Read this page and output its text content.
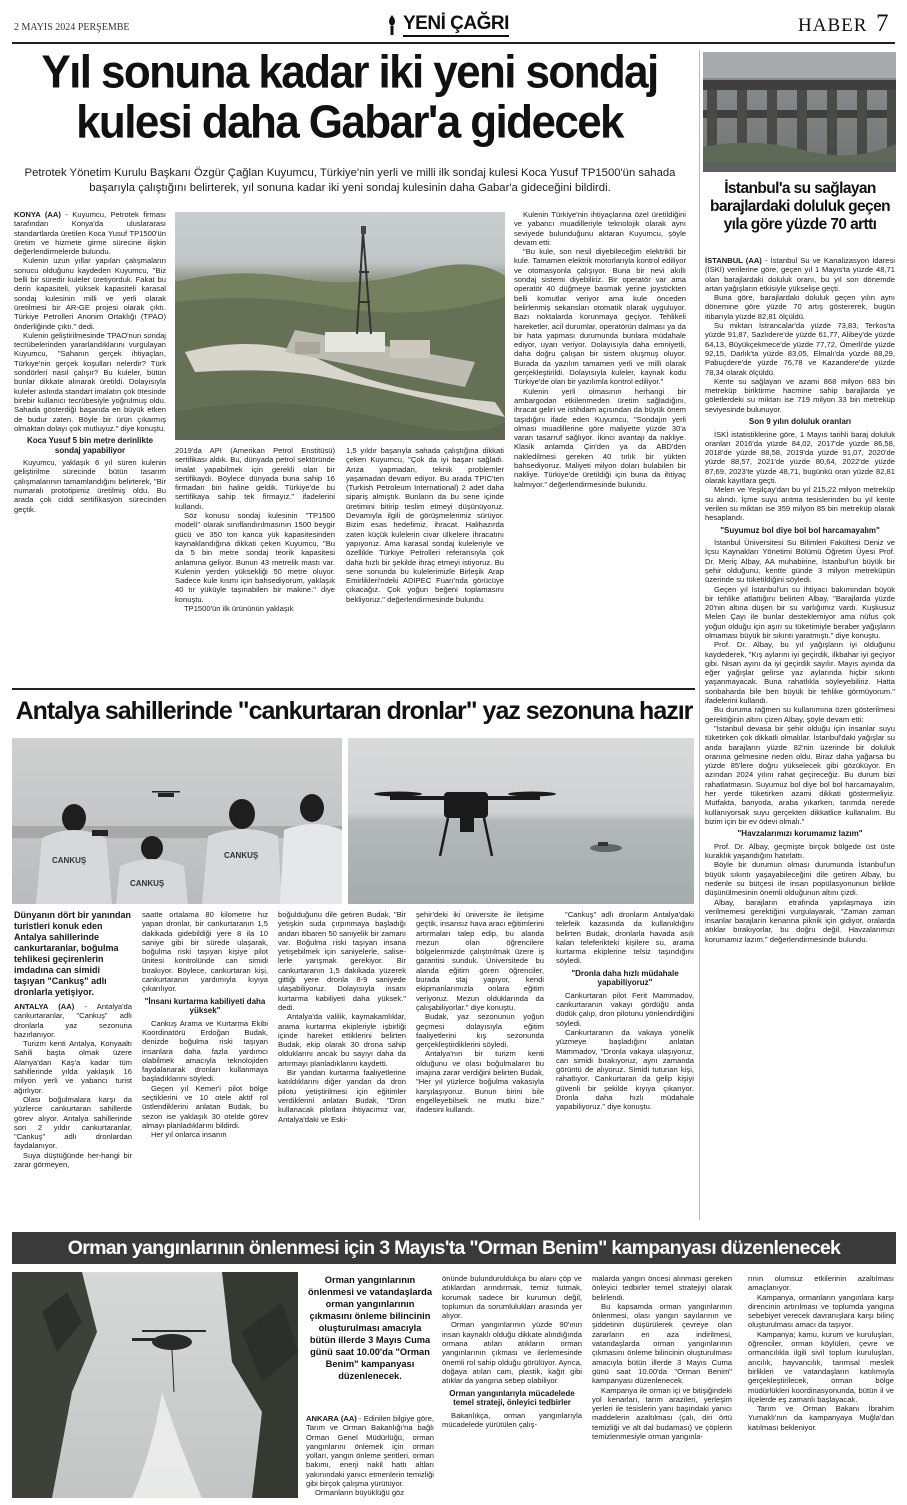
2 MAYIS 2024 PERŞEMBE	YENİ ÇAĞRI	HABER 7
Yıl sonuna kadar iki yeni sondaj
kulesi daha Gabar'a gidecek
Petrotek Yönetim Kurulu Başkanı Özgür Çağlan Kuyumcu, Türkiye'nin yerli ve milli ilk sondaj kulesi Koca Yusuf TP1500'ün sahada başarıyla çalıştığını belirterek, yıl sonuna kadar iki yeni sondaj kulesinin daha Gabar'a gideceğini bildirdi.

KONYA (AA) - Kuyumcu, Petrotek firması tarafından Konya'da uluslararası standartlarda üretilen Koca Yusuf TP1500'ün üretim ve hizmete girme sürecine ilişkin değerlendirmelerde bulundu.

Kulenin uzun yıllar yapılan çalışmaların sonucu olduğunu kaydeden Kuyumcu, "Biz belli bir süredir kuleler üretiyorduk. Fakat bu derin kapasiteli, yüksek kapasiteli karasal sondaj kulesinin milli ve yerli olarak üretilmesi bir AR-GE projesi olarak çıktı. Türkiye Petrolleri Anonim Ortaklığı (TPAO) önderliğinde çıktı." dedi.

Kulenin geliştirilmesinde TPAO'nun sondaj tecrübelerinden yararlandıklarını vurgulayan Kuyumcu, "Sahanın gerçek ihtiyaçları, Türkiye'nin gerçek koşulları nelerdir? Türk sondörleri nasıl çalışır? Bu kuleler, bütün bunlar dikkate alınarak üretildi. Dolayısıyla kuleler aslında standart imalatın çok ötesinde birebir kullanıcı tecrübesiyle yoğrulmuş oldu. Sahada gösterdiği başarıda en büyük etken de budur zaten. Böyle bir ürün çıkarmış olmaktan dolayı çok mutluyuz." diye konuştu.

Koca Yusuf 5 bin metre derinlikte sondaj yapabiliyor

Kuyumcu, yaklaşık 6 yıl süren kulenin geliştirilme sürecinde bütün tasarım çalışmalarının tamamlandığını belirterek, "Bir numaralı prototipimiz üretilmiş oldu. Bu arada çok ciddi sertifikasyon sürecinden geçtik.

2019'da API (Amerikan Petrol Enstitüsü) sertifikası aldık. Bu, dünyada petrol sektöründe imalat yapabilmek için gerekli olan bir sertifikaydı. Böylece dünyada buna sahip 16 firmadan biri haline geldik. Türkiye'de bu sertifikaya sahip tek firmayız." ifadelerini kullandı.

Söz konusu sondaj kulesinin "TP1500 modeli" olarak sınıflandırılmasının 1500 beygir gücü ve 350 ton kanca yük kapasitesinden kaynaklandığına dikkati çeken Kuyumcu, "Bu da 5 bin metre sondaj teorik kapasitesi anlamına geliyor. Bunun 43 metrelik mastı var. Kulenin yerden yüksekliği 50 metre oluyor. Sadece kule kısmı için bahsediyorum, yaklaşık 40 tır yüküyle taşınabilen bir makine." diye konuştu.

TP1500'ün ilk ürününün yaklaşık

1,5 yıldır başarıyla sahada çalıştığına dikkati çeken Kuyumcu, "Çok da iyi başarı sağladı. Arıza yapmadan, teknik problemler yaşamadan devam ediyor. Bu arada TPIC'ten (Turkish Petroleum International) 2 adet daha sipariş almıştık. Bunların da bu sene içinde üretimini bitirip teslim etmeyi düşünüyoruz. Devamıyla ilgili de görüşmelerimiz sürüyor. Bizim esas hedefimiz, ihracat. Halihazırda zaten küçük kulelerin civar ülkelere ihracatını yapıyoruz. Ama karasal sondaj kuleleriyle ve özellikle Türkiye Petrolleri referansıyla çok daha hızlı bir şekilde ihraç etmeyi istiyoruz. Bu sene sonunda bu kulelerimizle Birleşik Arap Emirlikleri'ndeki ADIPEC Fuarı'nda görücüye çıkacağız. Çok yoğun beğeni toplamasını bekliyoruz." değerlendirmesinde bulundu.

Kulenin Türkiye'nin ihtiyaçlarına özel üretildiğini ve yabancı muadilleriyle teknolojik olarak aynı seviyede bulunduğunu aktaran Kuyumcu, şöyle devam etti:

"Bu kule, son nesil diyebileceğim elektrikli bir kule. Tamamen elektrik motorlarıyla kontrol ediliyor ve otomasyonla çalışıyor. Buna bir nevi akıllı sondaj sistemi diyebiliriz. Bir operatör var ama operatör 40 düğmeye basmak yerine joystickten belli komutlar veriyor ama kule önceden belirlenmiş sekansları otomatik olarak uyguluyor. Bazı noktalarda korunmaya geçiyor. Tehlikeli hareketler, acil durumlar, operatörün dalması ya da bir hata yapması durumunda bunlara müdahale ediyor, uyarı veriyor. Dolayısıyla daha emniyetli, daha doğru çalışan bir sistem oluşmuş oluyor. Burada da yazılım tamamen yerli ve milli olarak gerçekleştirildi. Dolayısıyla kuleler, kaynak kodu Türkiye'de olan bir yazılımla kontrol ediliyor."

Kulenin yerli olmasının herhangi bir ambargodan etkilenmeden üretim sağladığını, ihracat geliri ve istihdam açısından da büyük önem taşıdığını ifade eden Kuyumcu, "Sondajın yerli olması muadillerine göre maliyette yüzde 30'a varan tasarruf sağlıyor. İkinci avantajı da nakliye. Klasik anlamda Çin'den ya da ABD'den nakledilmesi gereken 40 tırlık bir yükten bahsediyoruz. Maliyeti milyon doları bulabilen bir nakliye. Türkiye'de üretildiği için buna da ihtiyaç kalmıyor." değerlendirmesinde bulundu.

Antalya sahillerinde "cankurtaran dronlar" yaz sezonuna hazır
CANKUŞ
CANKUŞ
CANKUŞ

Dünyanın dört bir yanından turistleri konuk eden Antalya sahillerinde cankurtaranlar, boğulma tehlikesi geçirenlerin imdadına can simidi taşıyan "Cankuş" adlı dronlarla yetişiyor.

ANTALYA (AA) - Antalya'da cankurtaranlar, "Cankuş" adlı dronlarla yaz sezonuna hazırlanıyor.

Turizm kenti Antalya, Konyaaltı Sahili başta olmak üzere Alanya'dan Kaş'a kadar tüm sahillerinde yılda yaklaşık 16 milyon yerli ve yabancı turist ağırlıyor.

Olası boğulmalara karşı da yüzlerce cankurtaran sahillerde görev alıyor. Antalya sahillerinde son 2 yıldır cankurtaranlar, "Cankuş" adlı dronlardan faydalanıyor.

Suya düştüğünde her-hangi bir zarar görmeyen,

saatte ortalama 80 kilometre hız yapan dronlar, bir cankurtaranın 1,5 dakikada gidebildiği yere 8 ila 10 saniye gibi bir sürede ulaşarak, boğulma riski taşıyan kişiye pilot ünitesi kontrolünde can simidi bırakıyor. Böylece, cankurtaran kişi, cankurtaranın yardımıyla kıyıya çıkarılıyor.

"İnsanı kurtarma kabiliyeti daha yüksek"

Cankuş Arama ve Kurtarma Ekibi Koordinatörü Erdoğan Budak, denizde boğulma riski taşıyan insanlara daha fazla yardımcı olabilmek amacıyla teknolojiden faydalanarak dronları kullanmaya başladıklarını söyledi.

Geçen yıl Kemer'i pilot bölge seçtiklerini ve 10 otele aktif rol üstlendiklerini anlatan Budak, bu sezon ise yaklaşık 30 otelde görev almayı planladıklarını bildirdi.

Her yıl onlarca insanın

boğulduğunu dile getiren Budak, "Bir yetişkin suda çırpınmaya başladığı andan itibaren 50 saniyelik bir zamanı var. Boğulma riski taşıyan insana yetişebilmek için saniyelerle, saliselerle yarışmak gerekiyor. Bir cankurtaranın 1,5 dakikada yüzerek gittiği yere dronla 8-9 saniyede ulaşabiliyoruz. Dolayısıyla insanı kurtarma kabiliyeti daha yüksek." dedi.

Antalya'da valilik, kaymakamlıklar, arama kurtarma ekipleriyle işbirliği içinde hareket ettiklerini belirten Budak, ekip olarak 30 drona sahip olduklarını ancak bu sayıyı daha da artırmayı planladıklarını kaydetti.

Bir yandan kurtarma faaliyetlerine katıldıklarını diğer yandan da dron pilotu yetiştirilmesi için eğitimler verdiklerini anlatan Budak, "Dron kullanacak pilotlara ihtiyacımız var, Antalya'daki ve Eski-

şehir'deki iki üniversite ile iletişime geçtik, insansız hava aracı eğitimlerini artırmaları talep edip, bu alanda mezun olan öğrencilere bölgelerimizde çalıştırılmak üzere iş garantisi sunduk. Üniversitede bu alanda eğitim gören öğrenciler, burada staj yapıyor, kendi ekipmanlarımızla onlara eğitim veriyoruz. Mezun olduklarında da çalışabiliyorlar." diye konuştu.

Budak, yaz sezonunun yoğun geçmesi dolayısıyla eğitim faaliyetlerini kış sezonunda gerçekleştirdiklerini söyledi.

Antalya'nın bir turizm kenti olduğunu ve olası boğulmaların bu imajına zarar verdiğini belirten Budak, "Her yıl yüzlerce boğulma vakasıyla karşılaşıyoruz. Bunun birini bile engelleyebilsek ne mutlu bize." ifadesini kullandı.

"Cankuş" adlı dronların Antalya'daki telefeik kazasında da kullanıldığını belirten Budak, dronlarla havada asılı kalan teleferikteki kişilere su, arama kurtarma ekiplerine telsiz taşındığını söyledi.

"Dronla daha hızlı müdahale yapabiliyoruz"

Cankurtaran pilot Ferit Mammadov, cankurtaranın vakayı gördüğü anda düdük çalıp, dron pilotunu yönlendirdiğini söyledi.

Cankurtaranın da vakaya yönelik yüzmeye başladığını anlatan Mammadov, "Dronla vakaya ulaşıyoruz, can simidi bırakıyoruz, aynı zamanda görüntü de alıyoruz. Simidi tutunan kişi, rahatlıyor. Cankurtaran da gelip kişiyi güvenli bir şekilde kıyıya çıkarıyor. Dronla daha hızlı müdahale yapabiliyoruz." diye konuştu.

İstanbul'a su sağlayan barajlardaki doluluk geçen yıla göre yüzde 70 arttı

İSTANBUL (AA) - İstanbul Su ve Kanalizasyon İdaresi (İSKİ) verilerine göre, geçen yıl 1 Mayıs'ta yüzde 48,71 olan barajlardaki doluluk oranı, bu yıl son dönemde artan yağışların etkisiyle yükselişe geçti.

Buna göre, barajlardaki doluluk geçen yılın aynı dönemine göre yüzde 70 artış göstererek, bugün itibarıyla yüzde 82,81 ölçüldü.

Su miktarı İstrancalar'da yüzde 73,83, Terkos'ta yüzde 91,87, Sazlıdere'de yüzde 61,77, Alibey'de yüzde 64,13, Büyükçekmece'de yüzde 77,72, Ömerli'de yüzde 92,15, Darlık'ta yüzde 83,05, Elmalı'da yüzde 88,29, Pabuçdere'de yüzde 76,78 ve Kazandere'de yüzde 78,34 olarak ölçüldü.

Kente su sağlayan ve azami 868 milyon 683 bin metreküp biriktirme hacmine sahip barajlarda ye göletlerdeki su miktarı ise 719 milyon 33 bin metreküp seviyesinde bulunuyor.

Son 9 yılın doluluk oranları

İSKİ istatistiklerine göre, 1 Mayıs tarihli baraj doluluk oranları 2016'da yüzde 84,02, 2017'de yüzde 86,58, 2018'de yüzde 88,58, 2019'da yüzde 91,07, 2020'de yüzde 88,57, 2021'de yüzde 80,64, 2022'de yüzde 87,69, 2023'te yüzde 48,71, bugünkü oran yüzde 82,81 olarak kayıtlara geçti.

Melen ve Yeşilçay'dan bu yıl 215,22 milyon metreküp su alındı. İçme suyu arıtma tesislerinden bu yıl kente verilen su miktarı ise 359 milyon 85 bin metreküp olarak hesaplandı.

"Suyumuz bol diye bol bol harcamayalım"

İstanbul Üniversitesi Su Bilimleri Fakültesi Deniz ve İçsu Kaynakları Yönetimi Bölümü Öğretim Üyesi Prof. Dr. Meriç Albay, AA muhabirine, İstanbul'un büyük bir şehir olduğunu, kentte günde 3 milyon metreküpün üzerinde su tüketildiğini söyledi.

Geçen yıl İstanbul'un su ihtiyacı bakımından büyük bir tehlike atlattığını belirten Albay, "Barajlarda yüzde 20'nin altına düşen bir su varlığımız vardı. Kuşkusuz Melen Çayı ile bunlar desteklemiyor ama nüfus çok yoğun olduğu için aşırı su tüketimiyle beraber yağışların olmaması büyük bir sıkıntı yaratmıştı." diye konuştu.

Prof. Dr. Albay, bu yıl yağışların iyi olduğunu kaydederek, "Kış aylarını iyi geçirdik, ilkbahar iyi geçiyor gibi. Nisan ayını da iyi geçirdik sayılır. Mayıs ayında da eğer yağışlar gelirse yaz aylarında hiçbir sıkıntı yaşanmayacak. Buna rahatlıkla söyleyebiliriz. Hatta sonbaharda bile ben büyük bir tehlike görmüyorum." ifadelerini kullandı.

Bu duruma rağmen su kullanımına özen gösterilmesi gerektiğinin altını çizen Albay, şöyle devam etti:

"İstanbul devasa bir şehir olduğu için insanlar suyu tüketirken çok dikkatli olmalılar. İstanbul'daki yağışlar su anda barajların yüzde 82'nin üzerinde bir doluluk oranına gelmesine neden oldu. Biraz daha yağarsa bu yüzde 85'lere doğru yükselecek gibi gözüküyor. En azından 2024 yılını rahat geçireceğiz. Bu durum bizi rahatlatmasın. Suyumuz bol diye bol bol harcamayalım, her yerde tüketirken azami dikkati göstermeliyiz. Mutfakta, banyoda, araba yıkarken, tarımda nerede kullanıyorsak suyu gerçekten dikkatlice kullanalım. Bu bizim için bir ev ödevi olmalı."

"Havzalarımızı korumamız lazım"

Prof. Dr. Albay, geçmişte birçok bölgede üst üste kuraklık yaşandığını hatırlattı.

Böyle bir durumun olması durumunda İstanbul'un büyük sıkıntı yaşayabileceğini dile getiren Albay, bu nedenle su bütçesi ile insan popülasyonunun birlikte düşünülmesinin önemli olduğunun altını çizdi.

Albay, barajların etrafında yapılaşmaya izin verilmemesi gerektiğini vurgulayarak, "Zaman zaman insanlar barajların kenarına piknik için gidiyor, oralarda atıklar bırakıyorlar, bu doğru değil. Havzalarımızı korumamız lazım." değerlendirmesinde bulundu.

Orman yangınlarının önlenmesi için 3 Mayıs'ta "Orman Benim" kampanyası düzenlenecek
Orman yangınlarının önlenmesi ve vatandaşlarda orman yangınlarının çıkmasını önleme bilincinin oluşturulması amacıyla bütün illerde 3 Mayıs Cuma günü saat 10.00'da "Orman Benim" kampanyası düzenlenecek.

ANKARA (AA) - Edinilen bilgiye göre, Tarım ve Orman Bakanlığı'na bağlı Orman Genel Müdürlüğü, orman yangınlarını önlemek için orman yolları, yangın önleme şeritleri, orman bakımı, enerji nakil hattı altları yakınındaki yanıcı etmenlerin temizliği gibi birçok çalışma yürütüyor.

Ormanların büyüklüğü göz

önünde bulunduruldukça bu alanı çöp ve atıklardan arındırmak, temiz tutmak, korumak sadece bir kurumun değil, toplumun da sorumlulukları arasında yer alıyor.

Orman yangınlarının yüzde 90'ının insan kaynaklı olduğu dikkate alındığında ormana atılan atıkların orman yangınlarının çıkması ve ilerlemesinde önemli rol sahip olduğu görülüyor. Ayrıca, doğaya atılan cam, plastik, kağıt gibi atıklar da yangına sebep olabiliyor.

Orman yangınlarıyla mücadelede temel strateji, önleyici tedbirler

Bakanlıkça, orman yangınlarıyla mücadelede yürütülen çalış-

malarda yangın öncesi alınması gereken önleyici tedbirler temel stratejiyi olarak belirlendi.

Bu kapsamda orman yangınlarının önlenmesi, olası yangın sayılarının ve şiddetinin düşürülerek çevreye olan zararların en aza indirilmesi, vatandaşlarda orman yangınlarının çıkmasını önleme bilincinin oluşturulması amacıyla bütün illerde 3 Mayıs Cuma günü saat 10.00'da "Orman Benim" kampanyası düzenlenecek.

Kampanya ile orman içi ve bitişiğindeki yol kenarları, tarım arazileri, yerleşim yerleri ile tesislerin yanı başındaki yanıcı maddelerin azaltılması (çalı, diri örtü temizliği ve alt dal budaması) ve çöplerin temizlenmesiyle orman yangınla-

rının olumsuz etkilerinin azaltılması amaçlanıyor.

Kampanya, ormanların yangınlara karşı direncinin artırılması ve toplumda yangına sebebiyet verecek davranışlara karşı bilinç oluşturulması amacı da taşıyor.

Kampanya; kamu, kurum ve kuruluşları, öğrenciler, orman köylüleri, çevre ve ormancılıkla ilgili sivil toplum kuruluşları, arıcılık, hayvancılık, tarımsal meslek birlikleri ve vatandaşların katılımıyla gerçekleştirilecek, orman bölge müdürlükleri koordinasyonunda, bütün il ve ilçelerde eş zamanlı başlayacak.

Tarım ve Orman Bakanı İbrahim Yumaklı'nın da kampanyaya Muğla'dan katılması bekleniyor.
